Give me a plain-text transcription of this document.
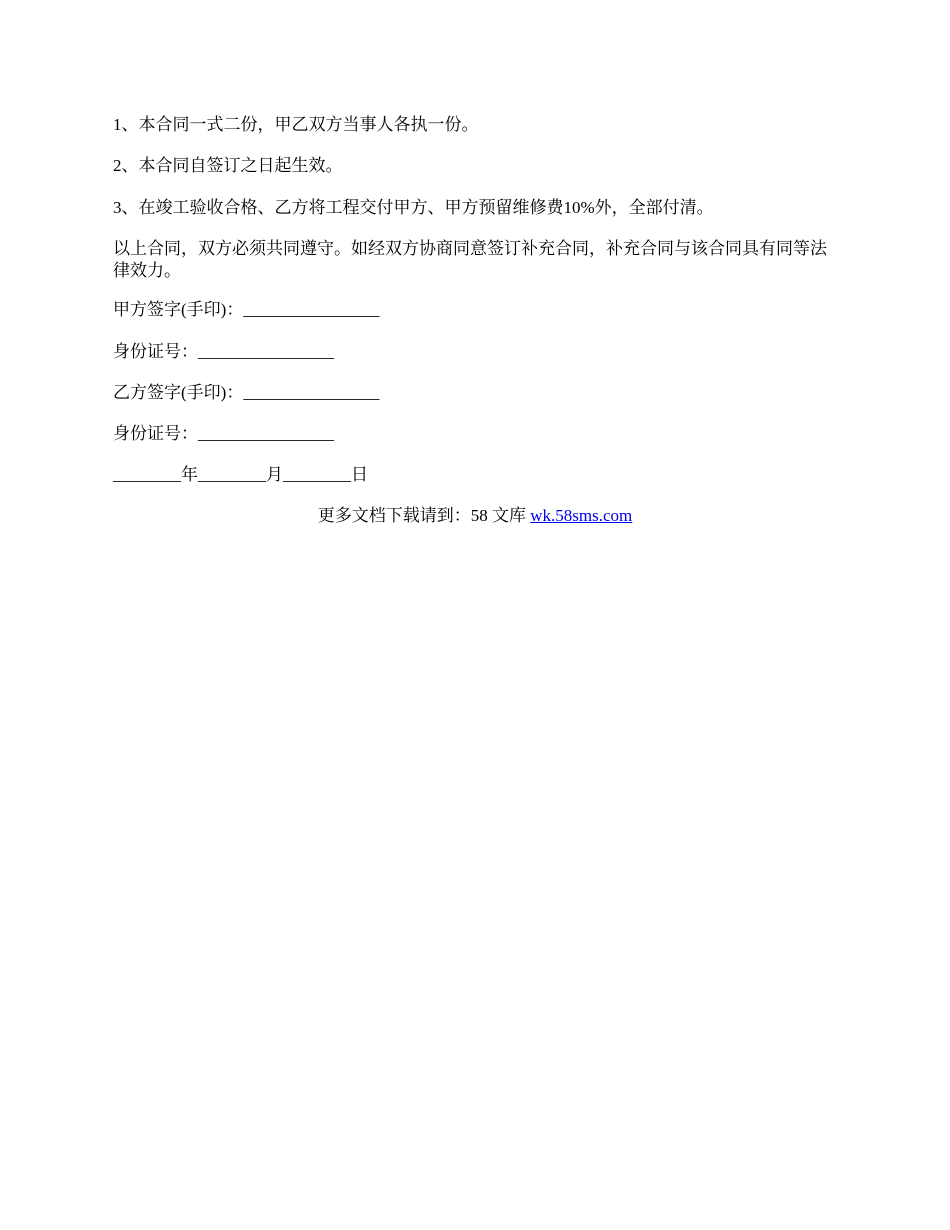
1、本合同一式二份，甲乙双方当事人各执一份。

2、本合同自签订之日起生效。

3、在竣工验收合格、乙方将工程交付甲方、甲方预留维修费10%外，全部付清。

以上合同，双方必须共同遵守。如经双方协商同意签订补充合同，补充合同与该合同具有同等法律效力。

甲方签字(手印)：________________

身份证号：________________

乙方签字(手印)：________________

身份证号：________________

________年________月________日

更多文档下载请到：58 文库 wk.58sms.com
